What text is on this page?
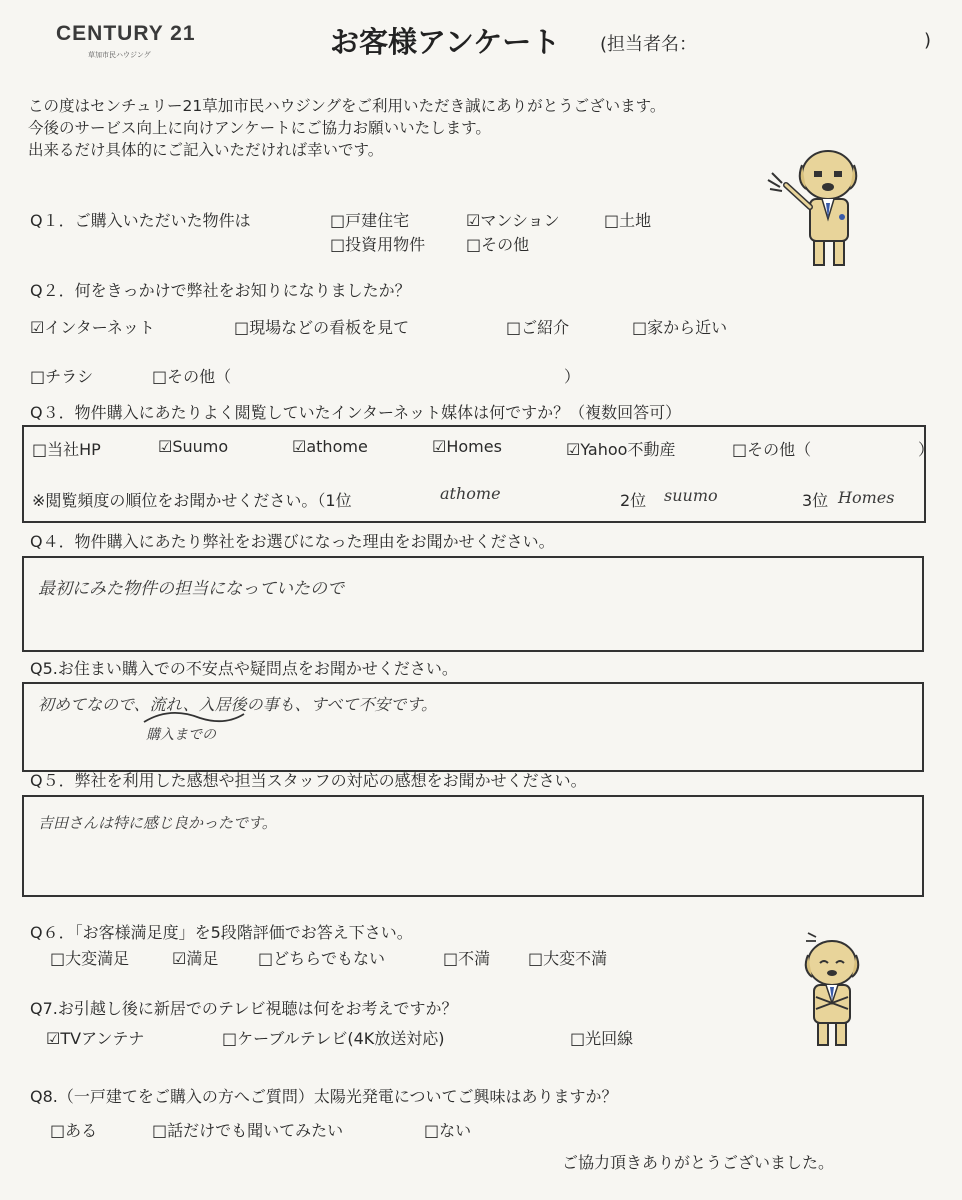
CENTURY 21
草加市民ハウジング	お客様アンケート (担当者名：	)
この度はセンチュリー21草加市民ハウジングをご利用いただき誠にありがとうございます。
今後のサービス向上に向けアンケートにご協力お願いいたします。
出来るだけ具体的にご記入いただければ幸いです。
Q１．ご購入いただいた物件は	□戸建住宅	☑マンション	□土地
□投資用物件	□その他
Q２．何をきっかけで弊社をお知りになりましたか？
☑インターネット	□現場などの看板を見て	□ご紹介	□家から近い
□チラシ	□その他（	）
Q３．物件購入にあたりよく閲覧していたインターネット媒体は何ですか？（複数回答可）
□当社HP	☑Suumo	☑athome	☑Homes	☑Yahoo不動産	□その他（	）
※閲覧頻度の順位をお聞かせください。（1位	athome	2位 suumo	3位 Homes
Q４．物件購入にあたり弊社をお選びになった理由をお聞かせください。
最初にみた物件の担当になっていたので
Q5.お住まい購入での不安点や疑問点をお聞かせください。
初めてなので、流れ、入居後の事も、すべて不安です。
購入までの
Q５．弊社を利用した感想や担当スタッフの対応の感想をお聞かせください。
吉田さんは特に感じ良かったです。
Q６．「お客様満足度」を5段階評価でお答え下さい。
□大変満足	☑満足 □どちらでもない	□不満 □大変不満
Q7.お引越し後に新居でのテレビ視聴は何をお考えですか？
☑TVアンテナ	□ケーブルテレビ(4K放送対応)	□光回線
Q8.（一戸建てをご購入の方へご質問）太陽光発電についてご興味はありますか？
□ある	□話だけでも聞いてみたい	□ない
ご協力頂きありがとうございました。
